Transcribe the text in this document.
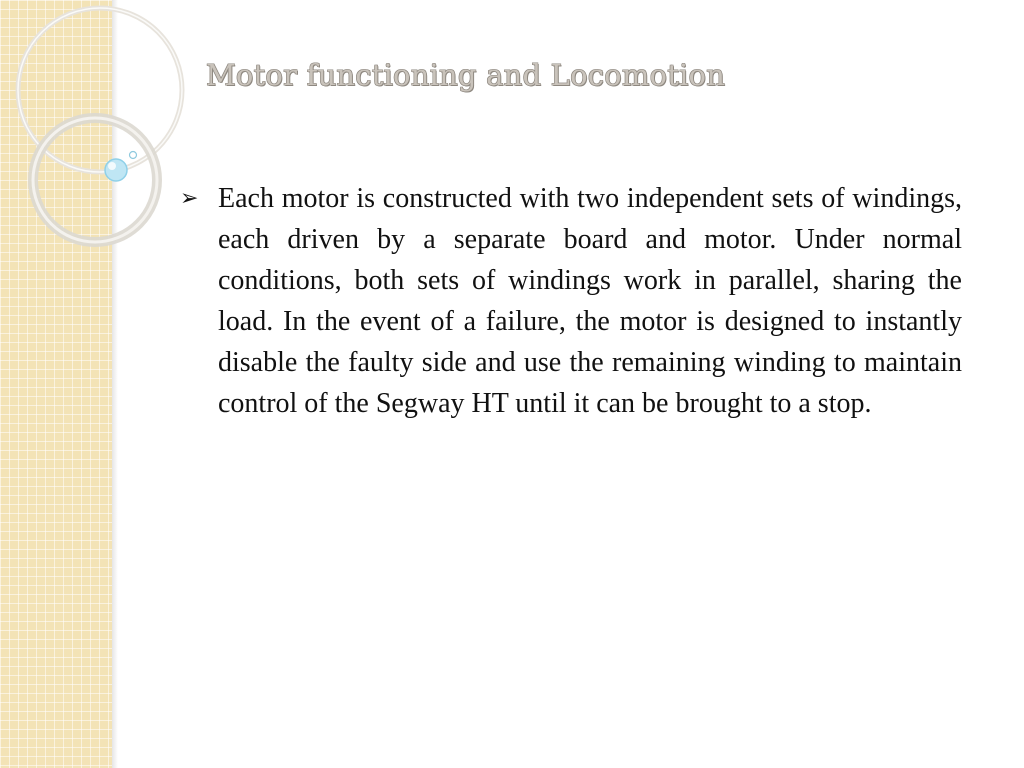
Motor functioning and Locomotion
➢ Each motor is constructed with two independent sets of windings, each driven by a separate board and motor. Under normal conditions, both sets of windings work in parallel, sharing the load. In the event of a failure, the motor is designed to instantly disable the faulty side and use the remaining winding to maintain control of the Segway HT until it can be brought to a stop.
